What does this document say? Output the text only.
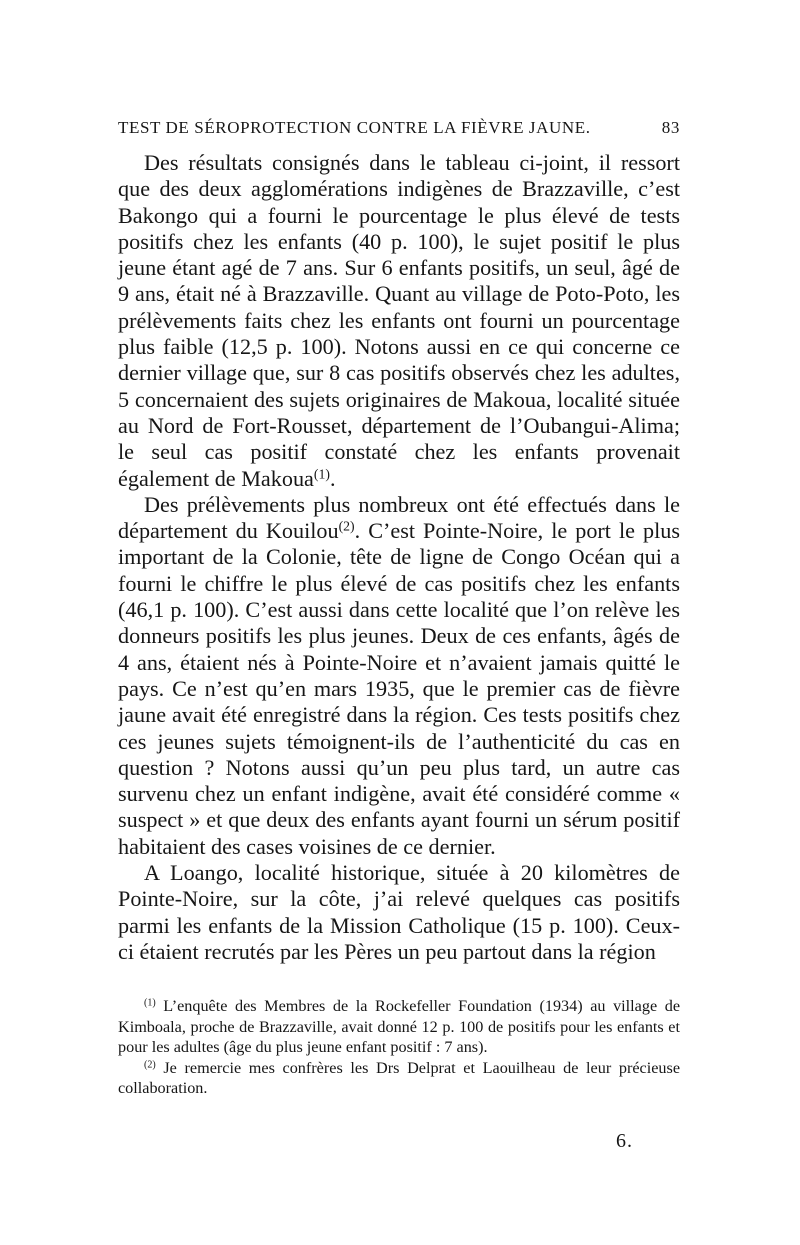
TEST DE SÉROPROTECTION CONTRE LA FIÈVRE JAUNE.	83

Des résultats consignés dans le tableau ci-joint, il ressort que des deux agglomérations indigènes de Brazzaville, c’est Bakongo qui a fourni le pourcentage le plus élevé de tests positifs chez les enfants (40 p. 100), le sujet positif le plus jeune étant agé de 7 ans. Sur 6 enfants positifs, un seul, âgé de 9 ans, était né à Brazzaville. Quant au village de Poto-Poto, les prélèvements faits chez les enfants ont fourni un pourcentage plus faible (12,5 p. 100). Notons aussi en ce qui concerne ce dernier village que, sur 8 cas positifs observés chez les adultes, 5 concernaient des sujets originaires de Makoua, localité située au Nord de Fort-Rousset, département de l’Oubangui-Alima; le seul cas positif constaté chez les enfants provenait également de Makoua$^{(1)}$.

Des prélèvements plus nombreux ont été effectués dans le département du Kouilou$^{(2)}$. C’est Pointe-Noire, le port le plus important de la Colonie, tête de ligne de Congo Océan qui a fourni le chiffre le plus élevé de cas positifs chez les enfants (46,1 p. 100). C’est aussi dans cette localité que l’on relève les donneurs positifs les plus jeunes. Deux de ces enfants, âgés de 4 ans, étaient nés à Pointe-Noire et n’avaient jamais quitté le pays. Ce n’est qu’en mars 1935, que le premier cas de fièvre jaune avait été enregistré dans la région. Ces tests positifs chez ces jeunes sujets témoignent-ils de l’authenticité du cas en question ? Notons aussi qu’un peu plus tard, un autre cas survenu chez un enfant indigène, avait été considéré comme « suspect » et que deux des enfants ayant fourni un sérum positif habitaient des cases voisines de ce dernier.

A Loango, localité historique, située à 20 kilomètres de Pointe-Noire, sur la côte, j’ai relevé quelques cas positifs parmi les enfants de la Mission Catholique (15 p. 100). Ceux-ci étaient recrutés par les Pères un peu partout dans la région

$^{(1)}$ L’enquête des Membres de la Rockefeller Foundation (1934) au village de Kimboala, proche de Brazzaville, avait donné 12 p. 100 de positifs pour les enfants et pour les adultes (âge du plus jeune enfant positif : 7 ans).

$^{(2)}$ Je remercie mes confrères les Drs Delprat et Laouilheau de leur précieuse collaboration.

6.
